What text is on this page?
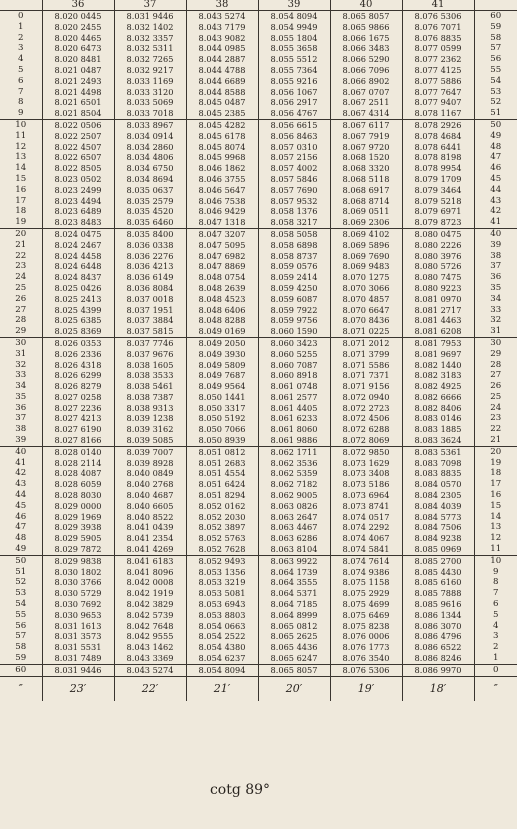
	36	37	38	39	40	41	
0	8.020 0445	8.031 9446	8.043 5274	8.054 8094	8.065 8057	8.076 5306	60
1	8.020 2455	8.032 1402	8.043 7179	8.054 9949	8.065 9866	8.076 7071	59
2	8.020 4465	8.032 3357	8.043 9082	8.055 1804	8.066 1675	8.076 8835	58
3	8.020 6473	8.032 5311	8.044 0985	8.055 3658	8.066 3483	8.077 0599	57
4	8.020 8481	8.032 7265	8.044 2887	8.055 5512	8.066 5290	8.077 2362	56
5	8.021 0487	8.032 9217	8.044 4788	8.055 7364	8.066 7096	8.077 4125	55
6	8.021 2493	8.033 1169	8.044 6689	8.055 9216	8.066 8902	8.077 5886	54
7	8.021 4498	8.033 3120	8.044 8588	8.056 1067	8.067 0707	8.077 7647	53
8	8.021 6501	8.033 5069	8.045 0487	8.056 2917	8.067 2511	8.077 9407	52
9	8.021 8504	8.033 7018	8.045 2385	8.056 4767	8.067 4314	8.078 1167	51
10	8.022 0506	8.033 8967	8.045 4282	8.056 6615	8.067 6117	8.078 2926	50
11	8.022 2507	8.034 0914	8.045 6178	8.056 8463	8.067 7919	8.078 4684	49
12	8.022 4507	8.034 2860	8.045 8074	8.057 0310	8.067 9720	8.078 6441	48
13	8.022 6507	8.034 4806	8.045 9968	8.057 2156	8.068 1520	8.078 8198	47
14	8.022 8505	8.034 6750	8.046 1862	8.057 4002	8.068 3320	8.078 9954	46
15	8.023 0502	8.034 8694	8.046 3755	8.057 5846	8.068 5118	8.079 1709	45
16	8.023 2499	8.035 0637	8.046 5647	8.057 7690	8.068 6917	8.079 3464	44
17	8.023 4494	8.035 2579	8.046 7538	8.057 9532	8.068 8714	8.079 5218	43
18	8.023 6489	8.035 4520	8.046 9429	8.058 1376	8.069 0511	8.079 6971	42
19	8.023 8483	8.035 6460	8.047 1318	8.058 3217	8.069 2306	8.079 8723	41
20	8.024 0475	8.035 8400	8.047 3207	8.058 5058	8.069 4102	8.080 0475	40
21	8.024 2467	8.036 0338	8.047 5095	8.058 6898	8.069 5896	8.080 2226	39
22	8.024 4458	8.036 2276	8.047 6982	8.058 8737	8.069 7690	8.080 3976	38
23	8.024 6448	8.036 4213	8.047 8869	8.059 0576	8.069 9483	8.080 5726	37
24	8.024 8437	8.036 6149	8.048 0754	8.059 2414	8.070 1275	8.080 7475	36
25	8.025 0426	8.036 8084	8.048 2639	8.059 4250	8.070 3066	8.080 9223	35
26	8.025 2413	8.037 0018	8.048 4523	8.059 6087	8.070 4857	8.081 0970	34
27	8.025 4399	8.037 1951	8.048 6406	8.059 7922	8.070 6647	8.081 2717	33
28	8.025 6385	8.037 3884	8.048 8288	8.059 9756	8.070 8436	8.081 4463	32
29	8.025 8369	8.037 5815	8.049 0169	8.060 1590	8.071 0225	8.081 6208	31
30	8.026 0353	8.037 7746	8.049 2050	8.060 3423	8.071 2012	8.081 7953	30
31	8.026 2336	8.037 9676	8.049 3930	8.060 5255	8.071 3799	8.081 9697	29
32	8.026 4318	8.038 1605	8.049 5809	8.060 7087	8.071 5586	8.082 1440	28
33	8.026 6299	8.038 3533	8.049 7687	8.060 8918	8.071 7371	8.082 3183	27
34	8.026 8279	8.038 5461	8.049 9564	8.061 0748	8.071 9156	8.082 4925	26
35	8.027 0258	8.038 7387	8.050 1441	8.061 2577	8.072 0940	8.082 6666	25
36	8.027 2236	8.038 9313	8.050 3317	8.061 4405	8.072 2723	8.082 8406	24
37	8.027 4213	8.039 1238	8.050 5192	8.061 6233	8.072 4506	8.083 0146	23
38	8.027 6190	8.039 3162	8.050 7066	8.061 8060	8.072 6288	8.083 1885	22
39	8.027 8166	8.039 5085	8.050 8939	8.061 9886	8.072 8069	8.083 3624	21
40	8.028 0140	8.039 7007	8.051 0812	8.062 1711	8.072 9850	8.083 5361	20
41	8.028 2114	8.039 8928	8.051 2683	8.062 3536	8.073 1629	8.083 7098	19
42	8.028 4087	8.040 0849	8.051 4554	8.062 5359	8.073 3408	8.083 8835	18
43	8.028 6059	8.040 2768	8.051 6424	8.062 7182	8.073 5186	8.084 0570	17
44	8.028 8030	8.040 4687	8.051 8294	8.062 9005	8.073 6964	8.084 2305	16
45	8.029 0000	8.040 6605	8.052 0162	8.063 0826	8.073 8741	8.084 4039	15
46	8.029 1969	8.040 8522	8.052 2030	8.063 2647	8.074 0517	8.084 5773	14
47	8.029 3938	8.041 0439	8.052 3897	8.063 4467	8.074 2292	8.084 7506	13
48	8.029 5905	8.041 2354	8.052 5763	8.063 6286	8.074 4067	8.084 9238	12
49	8.029 7872	8.041 4269	8.052 7628	8.063 8104	8.074 5841	8.085 0969	11
50	8.029 9838	8.041 6183	8.052 9493	8.063 9922	8.074 7614	8.085 2700	10
51	8.030 1802	8.041 8096	8.053 1356	8.064 1739	8.074 9386	8.085 4430	9
52	8.030 3766	8.042 0008	8.053 3219	8.064 3555	8.075 1158	8.085 6160	8
53	8.030 5729	8.042 1919	8.053 5081	8.064 5371	8.075 2929	8.085 7888	7
54	8.030 7692	8.042 3829	8.053 6943	8.064 7185	8.075 4699	8.085 9616	6
55	8.030 9653	8.042 5739	8.053 8803	8.064 8999	8.075 6469	8.086 1344	5
56	8.031 1613	8.042 7648	8.054 0663	8.065 0812	8.075 8238	8.086 3070	4
57	8.031 3573	8.042 9555	8.054 2522	8.065 2625	8.076 0006	8.086 4796	3
58	8.031 5531	8.043 1462	8.054 4380	8.065 4436	8.076 1773	8.086 6522	2
59	8.031 7489	8.043 3369	8.054 6237	8.065 6247	8.076 3540	8.086 8246	1
60	8.031 9446	8.043 5274	8.054 8094	8.065 8057	8.076 5306	8.086 9970	0
″	23′	22′	21′	20′	19′	18′	″
cotg 89°
